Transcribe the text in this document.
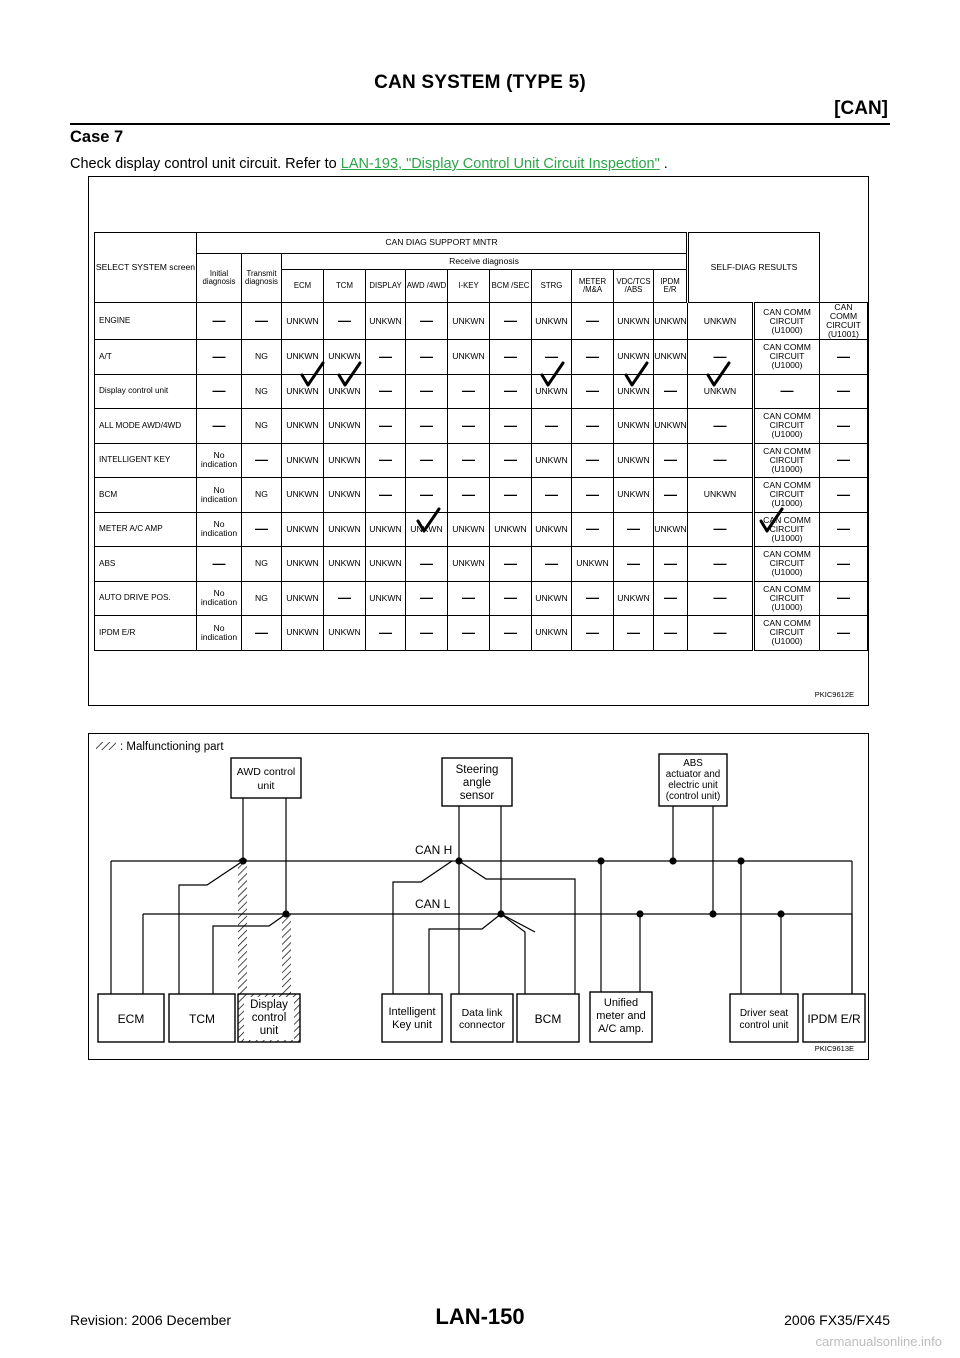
CAN SYSTEM (TYPE 5)
[CAN]
Case 7
Check display control unit circuit. Refer to LAN-193, "Display Control Unit Circuit Inspection" .
SELECT SYSTEM screen	CAN DIAG SUPPORT MNTR												SELF-DIAG RESULTS		
	Initial diagnosis	Transmit diagnosis	Receive diagnosis												
			ECM	TCM	DISPLAY	AWD /4WD	I-KEY	BCM /SEC	STRG	METER /M&A	VDC/TCS /ABS	IPDM E/R			
ENGINE	—	—	UNKWN	—	UNKWN	—	UNKWN	—	UNKWN	—	UNKWN	UNKWN	UNKWN	CAN COMM CIRCUIT (U1000)	CAN COMM CIRCUIT (U1001)
A/T	—	NG	UNKWN	UNKWN	—	—	UNKWN	—	—	—	UNKWN	UNKWN	—	CAN COMM CIRCUIT (U1000)	—
Display control unit	—	NG	UNKWN	UNKWN	—	—	—	—	UNKWN	—	UNKWN	—	UNKWN	—	—
ALL MODE AWD/4WD	—	NG	UNKWN	UNKWN	—	—	—	—	—	—	UNKWN	UNKWN	—	CAN COMM CIRCUIT (U1000)	—
INTELLIGENT KEY	No indication	—	UNKWN	UNKWN	—	—	—	—	UNKWN	—	UNKWN	—	—	CAN COMM CIRCUIT (U1000)	—
BCM	No indication	NG	UNKWN	UNKWN	—	—	—	—	—	—	UNKWN	—	UNKWN	CAN COMM CIRCUIT (U1000)	—
METER A/C AMP	No indication	—	UNKWN	UNKWN	UNKWN	UNKWN	UNKWN	UNKWN	UNKWN	—	—	UNKWN	—	CAN COMM CIRCUIT (U1000)	—
ABS	—	NG	UNKWN	UNKWN	UNKWN	—	UNKWN	—	—	UNKWN	—	—	—	CAN COMM CIRCUIT (U1000)	—
AUTO DRIVE POS.	No indication	NG	UNKWN	—	UNKWN	—	—	—	UNKWN	—	UNKWN	—	—	CAN COMM CIRCUIT (U1000)	—
IPDM E/R	No indication	—	UNKWN	UNKWN	—	—	—	—	UNKWN	—	—	—	—	CAN COMM CIRCUIT (U1000)	—
PKIC9612E
: Malfunctioning part
CAN H
CAN L
AWD control unit
Steering angle sensor
ABS actuator and electric unit (control unit)
ECM	TCM
Display control unit
Intelligent Key unit
Data link connector BCM
Unified meter and A/C amp.
Driver seat control unit IPDM E/R
PKIC9613E
Revision: 2006 December	LAN-150	2006 FX35/FX45
carmanualsonline.info
